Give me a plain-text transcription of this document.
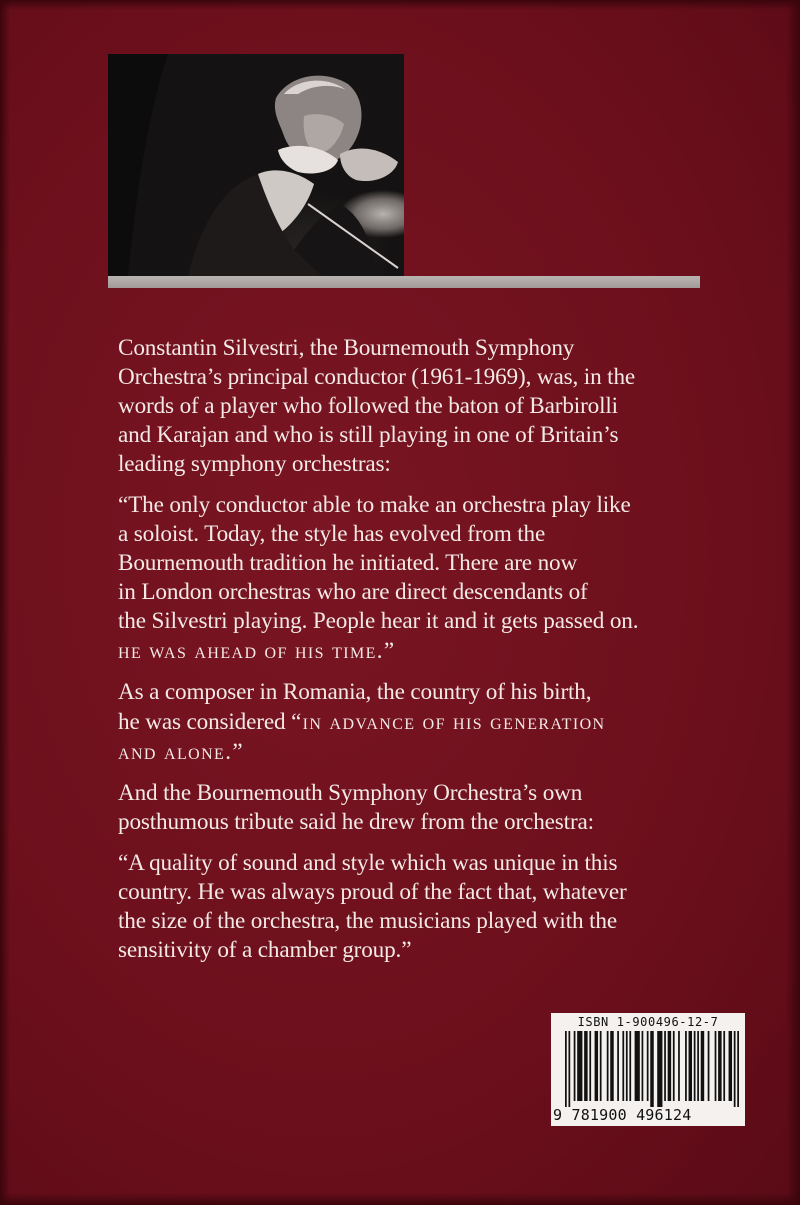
Constantin Silvestri, the Bournemouth Symphony
Orchestra’s principal conductor (1961-1969), was, in the
words of a player who followed the baton of Barbirolli
and Karajan and who is still playing in one of Britain’s
leading symphony orchestras:

“The only conductor able to make an orchestra play like
a soloist. Today, the style has evolved from the
Bournemouth tradition he initiated. There are now
in London orchestras who are direct descendants of
the Silvestri playing. People hear it and it gets passed on.
he was ahead of his time.”

As a composer in Romania, the country of his birth,
he was considered “in advance of his generation
and alone.”

And the Bournemouth Symphony Orchestra’s own
posthumous tribute said he drew from the orchestra:

“A quality of sound and style which was unique in this
country. He was always proud of the fact that, whatever
the size of the orchestra, the musicians played with the
sensitivity of a chamber group.”

ISBN 1-900496-12-7
9 781900 496124
